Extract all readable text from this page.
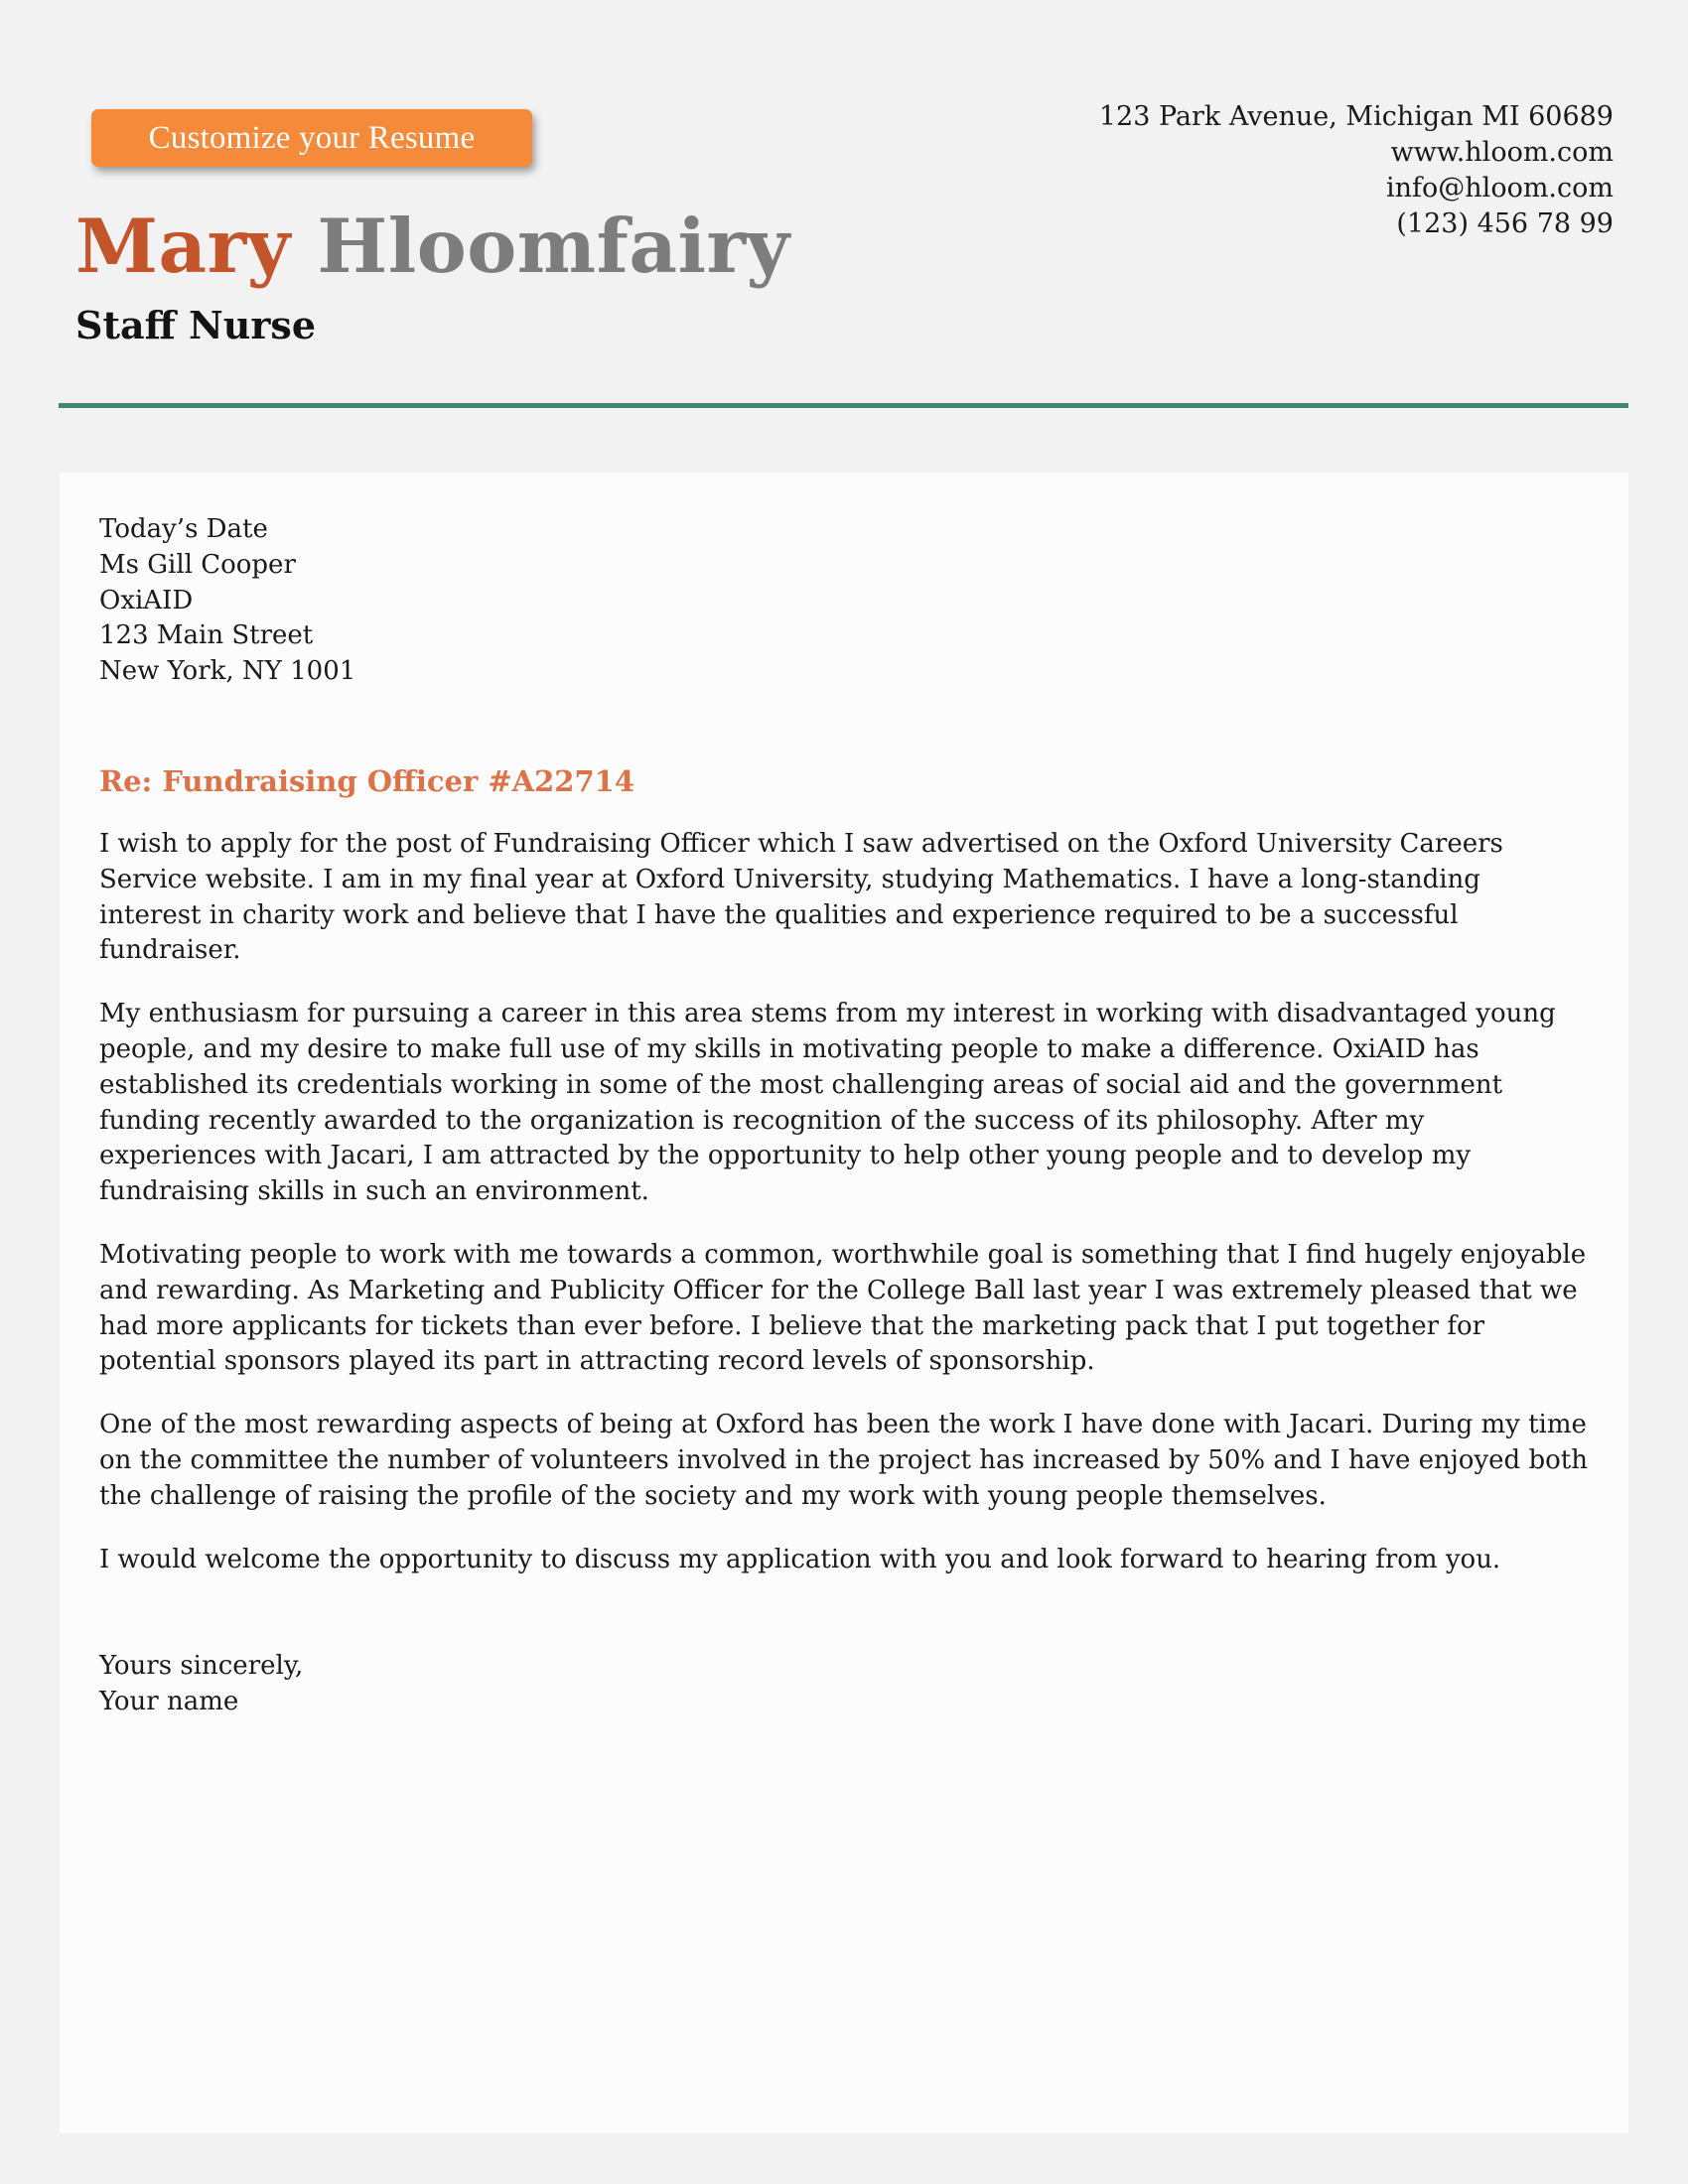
Customize your Resume
123 Park Avenue, Michigan MI 60689
www.hloom.com
info@hloom.com
(123) 456 78 99
Mary Hloomfairy
Staff Nurse
Today’s Date
Ms Gill Cooper
OxiAID
123 Main Street
New York, NY 1001
Re: Fundraising Officer #A22714

I wish to apply for the post of Fundraising Officer which I saw advertised on the Oxford University Careers Service website. I am in my final year at Oxford University, studying Mathematics. I have a long-standing interest in charity work and believe that I have the qualities and experience required to be a successful fundraiser.

My enthusiasm for pursuing a career in this area stems from my interest in working with disadvantaged young people, and my desire to make full use of my skills in motivating people to make a difference. OxiAID has established its credentials working in some of the most challenging areas of social aid and the government funding recently awarded to the organization is recognition of the success of its philosophy. After my experiences with Jacari, I am attracted by the opportunity to help other young people and to develop my fundraising skills in such an environment.

Motivating people to work with me towards a common, worthwhile goal is something that I find hugely enjoyable and rewarding. As Marketing and Publicity Officer for the College Ball last year I was extremely pleased that we had more applicants for tickets than ever before. I believe that the marketing pack that I put together for potential sponsors played its part in attracting record levels of sponsorship.

One of the most rewarding aspects of being at Oxford has been the work I have done with Jacari. During my time on the committee the number of volunteers involved in the project has increased by 50% and I have enjoyed both the challenge of raising the profile of the society and my work with young people themselves.

I would welcome the opportunity to discuss my application with you and look forward to hearing from you.

Yours sincerely,
Your name
